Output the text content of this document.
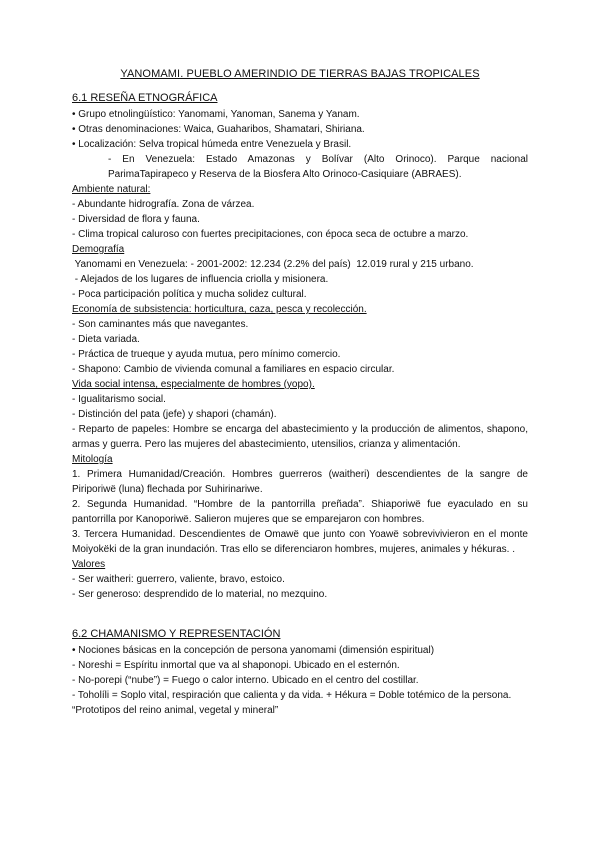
YANOMAMI. PUEBLO AMERINDIO DE TIERRAS BAJAS TROPICALES

6.1 RESEÑA ETNOGRÁFICA

• Grupo etnolingüístico: Yanomami, Yanoman, Sanema y Yanam.

• Otras denominaciones: Waica, Guaharibos, Shamatari, Shiriana.

• Localización: Selva tropical húmeda entre Venezuela y Brasil.

- En Venezuela: Estado Amazonas y Bolívar (Alto Orinoco). Parque nacional ParimaTapirapeco y Reserva de la Biosfera Alto Orinoco-Casiquiare (ABRAES).

Ambiente natural:

- Abundante hidrografía. Zona de várzea.

- Diversidad de flora y fauna.

- Clima tropical caluroso con fuertes precipitaciones, con época seca de octubre a marzo.

Demografía

Yanomami en Venezuela: - 2001-2002: 12.234 (2.2% del país)  12.019 rural y 215 urbano.

- Alejados de los lugares de influencia criolla y misionera.

- Poca participación política y mucha solidez cultural.

Economía de subsistencia: horticultura, caza, pesca y recolección.

- Son caminantes más que navegantes.

- Dieta variada.

- Práctica de trueque y ayuda mutua, pero mínimo comercio.

- Shapono: Cambio de vivienda comunal a familiares en espacio circular.

Vida social intensa, especialmente de hombres (yopo).

- Igualitarismo social.

- Distinción del pata (jefe) y shapori (chamán).

- Reparto de papeles: Hombre se encarga del abastecimiento y la producción de alimentos, shapono, armas y guerra. Pero las mujeres del abastecimiento, utensilios, crianza y alimentación.

Mitología

1. Primera Humanidad/Creación. Hombres guerreros (waitheri) descendientes de la sangre de Piriporiwë (luna) flechada por Suhirinariwe.

2. Segunda Humanidad. “Hombre de la pantorrilla preñada”. Shiaporiwë fue eyaculado en su pantorrilla por Kanoporiwë. Salieron mujeres que se emparejaron con hombres.

3. Tercera Humanidad. Descendientes de Omawë que junto con Yoawë sobrevivivieron en el monte Moiyokëki de la gran inundación. Tras ello se diferenciaron hombres, mujeres, animales y hékuras. .

Valores

- Ser waitheri: guerrero, valiente, bravo, estoico.

- Ser generoso: desprendido de lo material, no mezquino.

6.2 CHAMANISMO Y REPRESENTACIÓN

• Nociones básicas en la concepción de persona yanomami (dimensión espiritual)

- Noreshi = Espíritu inmortal que va al shaponopi. Ubicado en el esternón.

- No-porepi (“nube”) = Fuego o calor interno. Ubicado en el centro del costillar.

- Toholíli = Soplo vital, respiración que calienta y da vida. + Hékura = Doble totémico de la persona.

“Prototipos del reino animal, vegetal y mineral”
